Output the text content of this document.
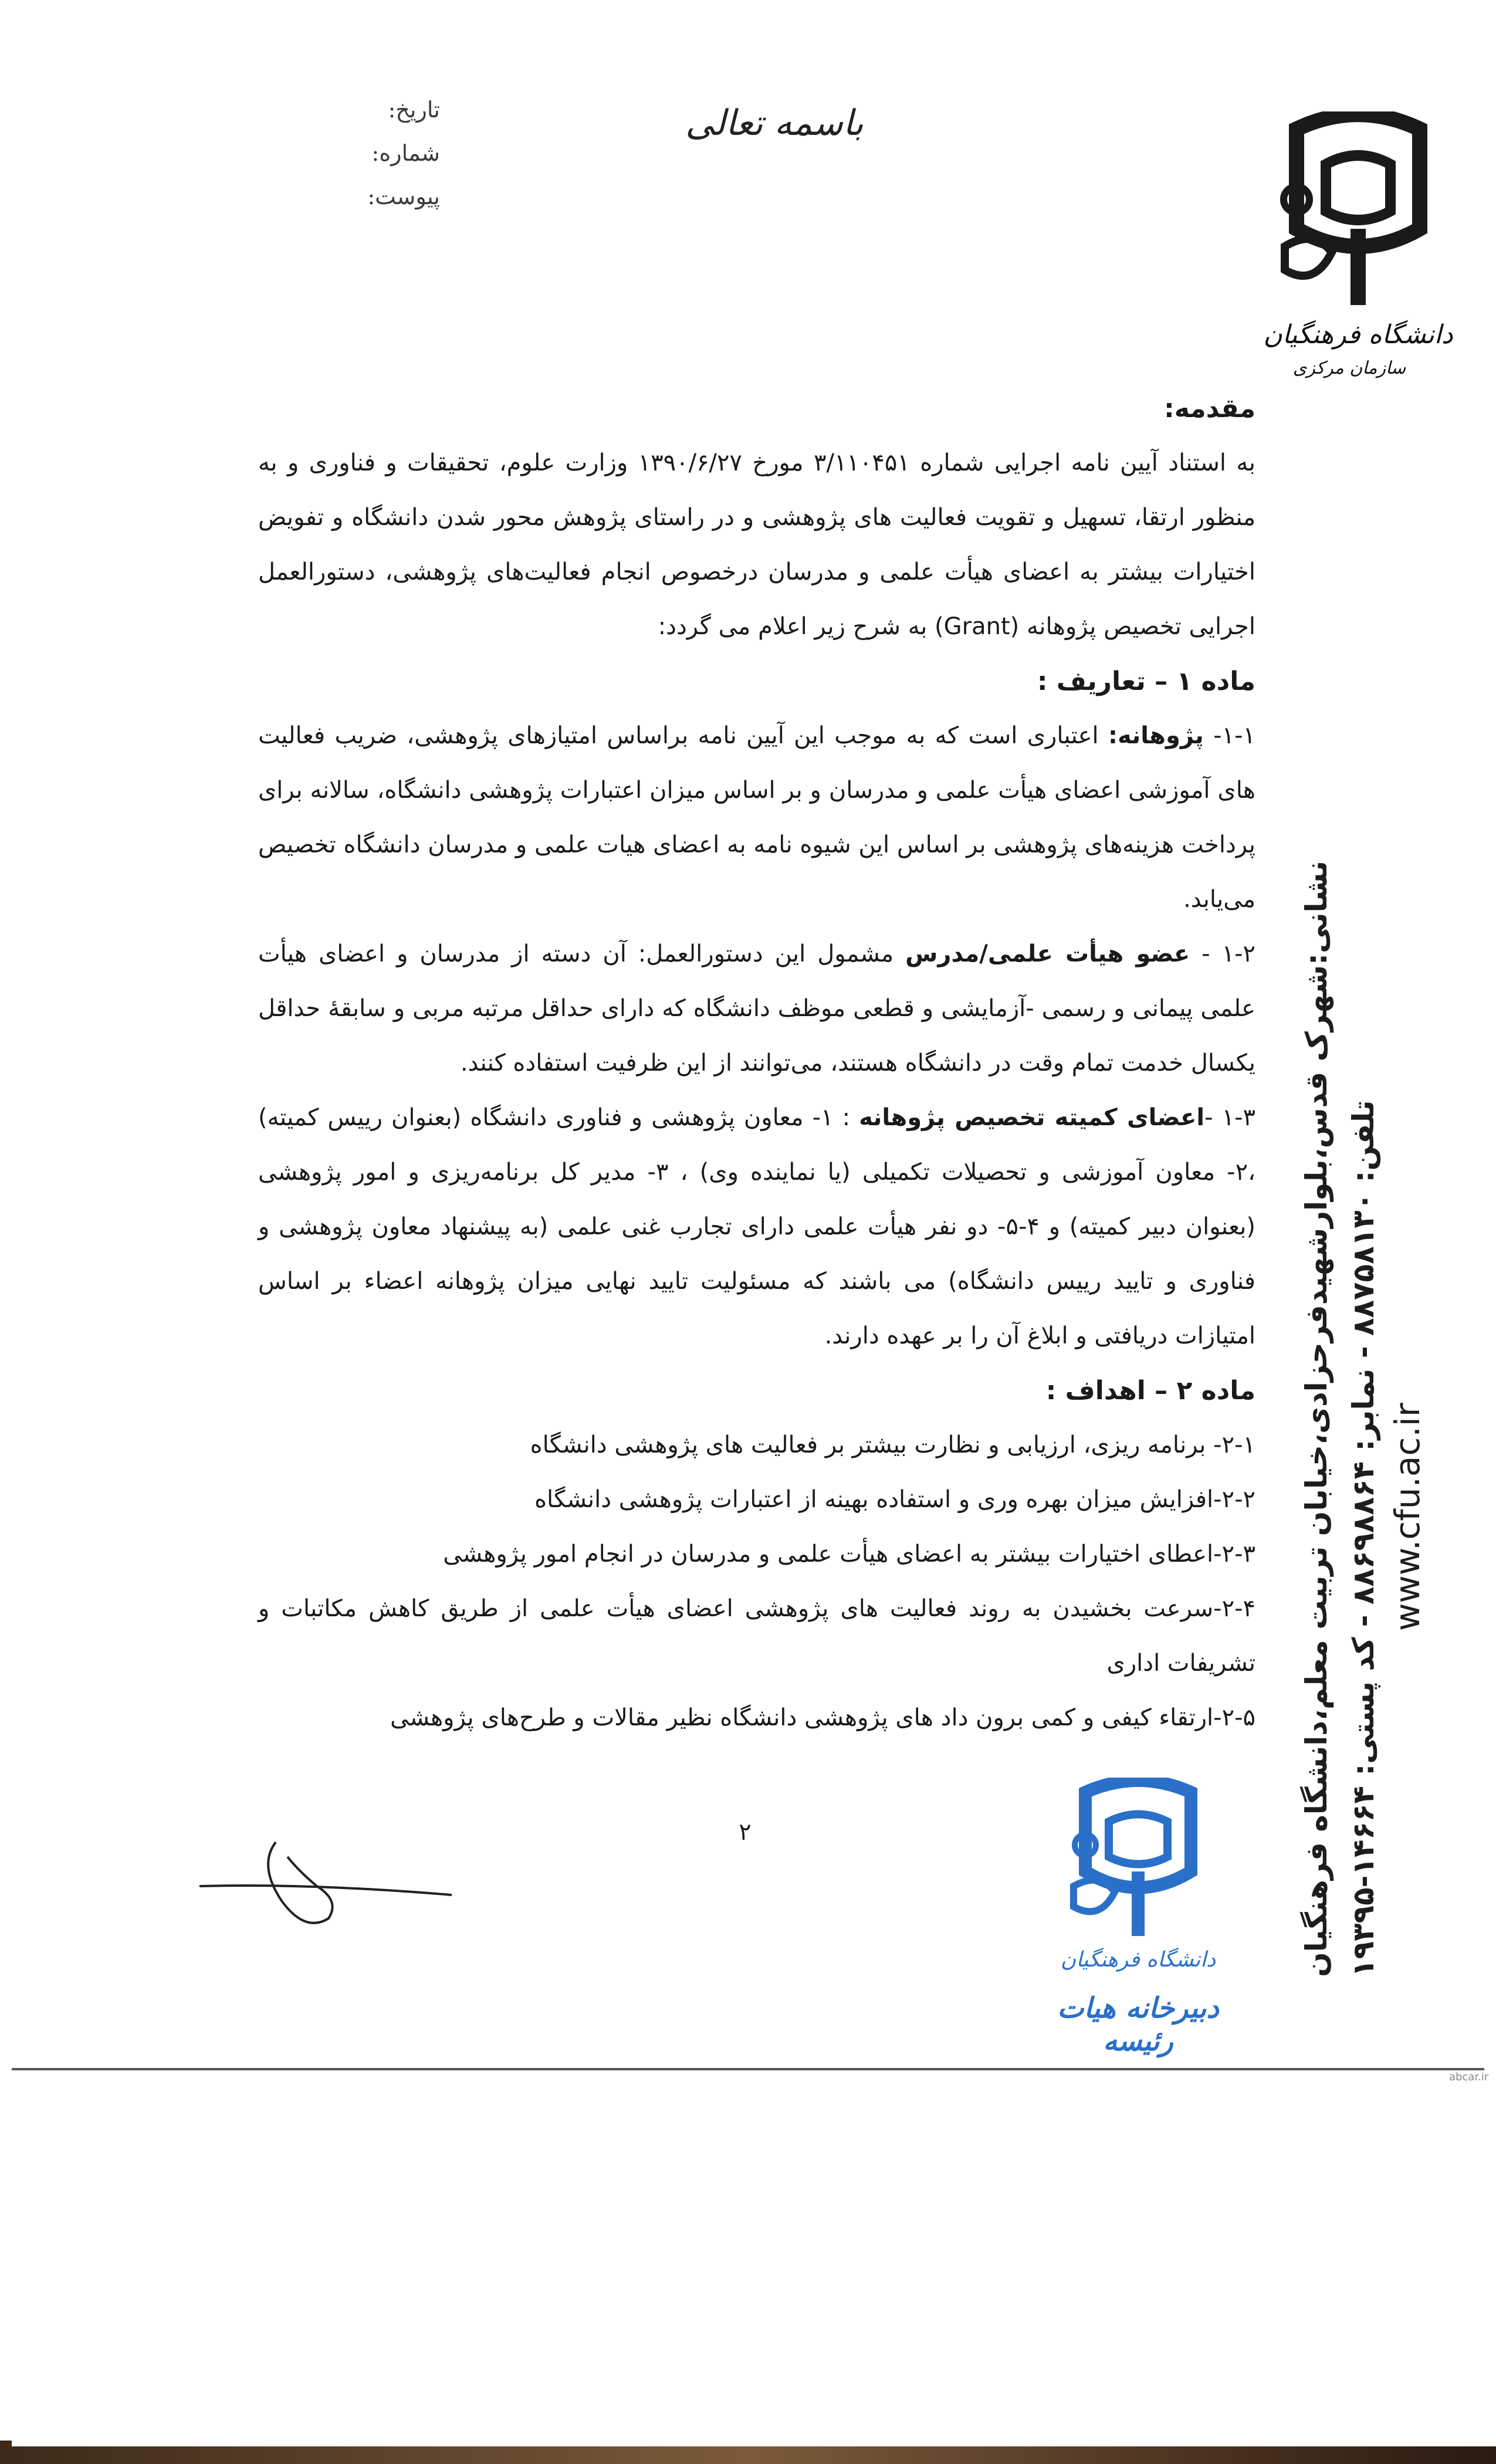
تاریخ:
شماره:
پیوست:
باسمه تعالی
دانشگاه فرهنگیان
سازمان مرکزی
نشانی:شهرک قدس،بلوارشهیدفرحزادی،خیابان تربیت معلم،دانشگاه فرهنگیان تلفن: ۸۸۷۵۸۱۳۰ - نمابر: ۸۸۶۹۸۸۶۴ - کد پستی: ۱۴۶۶۴-۱۹۳۹۵
www.cfu.ac.ir

مقدمه:

به استناد آیین نامه اجرایی شماره ۳/۱۱۰۴۵۱ مورخ ۱۳۹۰/۶/۲۷ وزارت علوم، تحقیقات و فناوری و به منظور ارتقا، تسهیل و تقویت فعالیت های پژوهشی و در راستای پژوهش محور شدن دانشگاه و تفویض اختیارات بیشتر به اعضای هیأت علمی و مدرسان درخصوص انجام فعالیت‌های پژوهشی، دستورالعمل اجرایی تخصیص پژوهانه (Grant) به شرح زیر اعلام می گردد:

ماده ۱ – تعاریف :

۱-۱- پژوهانه: اعتباری است که به موجب این آیین نامه براساس امتیازهای پژوهشی، ضریب فعالیت های آموزشی اعضای هیأت علمی و مدرسان و بر اساس میزان اعتبارات پژوهشی دانشگاه، سالانه برای پرداخت هزینه‌های پژوهشی بر اساس این شیوه نامه به اعضای هیات علمی و مدرسان دانشگاه تخصیص می‌یابد.

۱-۲ - عضو هیأت علمی/مدرس مشمول این دستورالعمل: آن دسته از مدرسان و اعضای هیأت علمی پیمانی و رسمی -آزمایشی و قطعی موظف دانشگاه که دارای حداقل مرتبه مربی و سابقۀ حداقل یکسال خدمت تمام وقت در دانشگاه هستند، می‌توانند از این ظرفیت استفاده کنند.

۱-۳ -اعضای کمیته تخصیص پژوهانه : ۱- معاون پژوهشی و فناوری دانشگاه (بعنوان رییس کمیته) ،۲- معاون آموزشی و تحصیلات تکمیلی (یا نماینده وی) ، ۳- مدیر کل برنامه‌ریزی و امور پژوهشی (بعنوان دبیر کمیته) و ۴-۵- دو نفر هیأت علمی دارای تجارب غنی علمی (به پیشنهاد معاون پژوهشی و فناوری و تایید رییس دانشگاه) می باشند که مسئولیت تایید نهایی میزان پژوهانه اعضاء بر اساس امتیازات دریافتی و ابلاغ آن را بر عهده دارند.

ماده ۲ – اهداف :

۲-۱- برنامه ریزی، ارزیابی و نظارت بیشتر بر فعالیت های پژوهشی دانشگاه

۲-۲-افزایش میزان بهره وری و استفاده بهینه از اعتبارات پژوهشی دانشگاه

۲-۳-اعطای اختیارات بیشتر به اعضای هیأت علمی و مدرسان در انجام امور پژوهشی

۲-۴-سرعت بخشیدن به روند فعالیت های پژوهشی اعضای هیأت علمی از طریق کاهش مکاتبات و تشریفات اداری

۲-۵-ارتقاء کیفی و کمی برون داد های پژوهشی دانشگاه نظیر مقالات و طرح‌های پژوهشی

۲
دانشگاه فرهنگیان
دبیرخانه هیات رئیسه
abcar.ir
